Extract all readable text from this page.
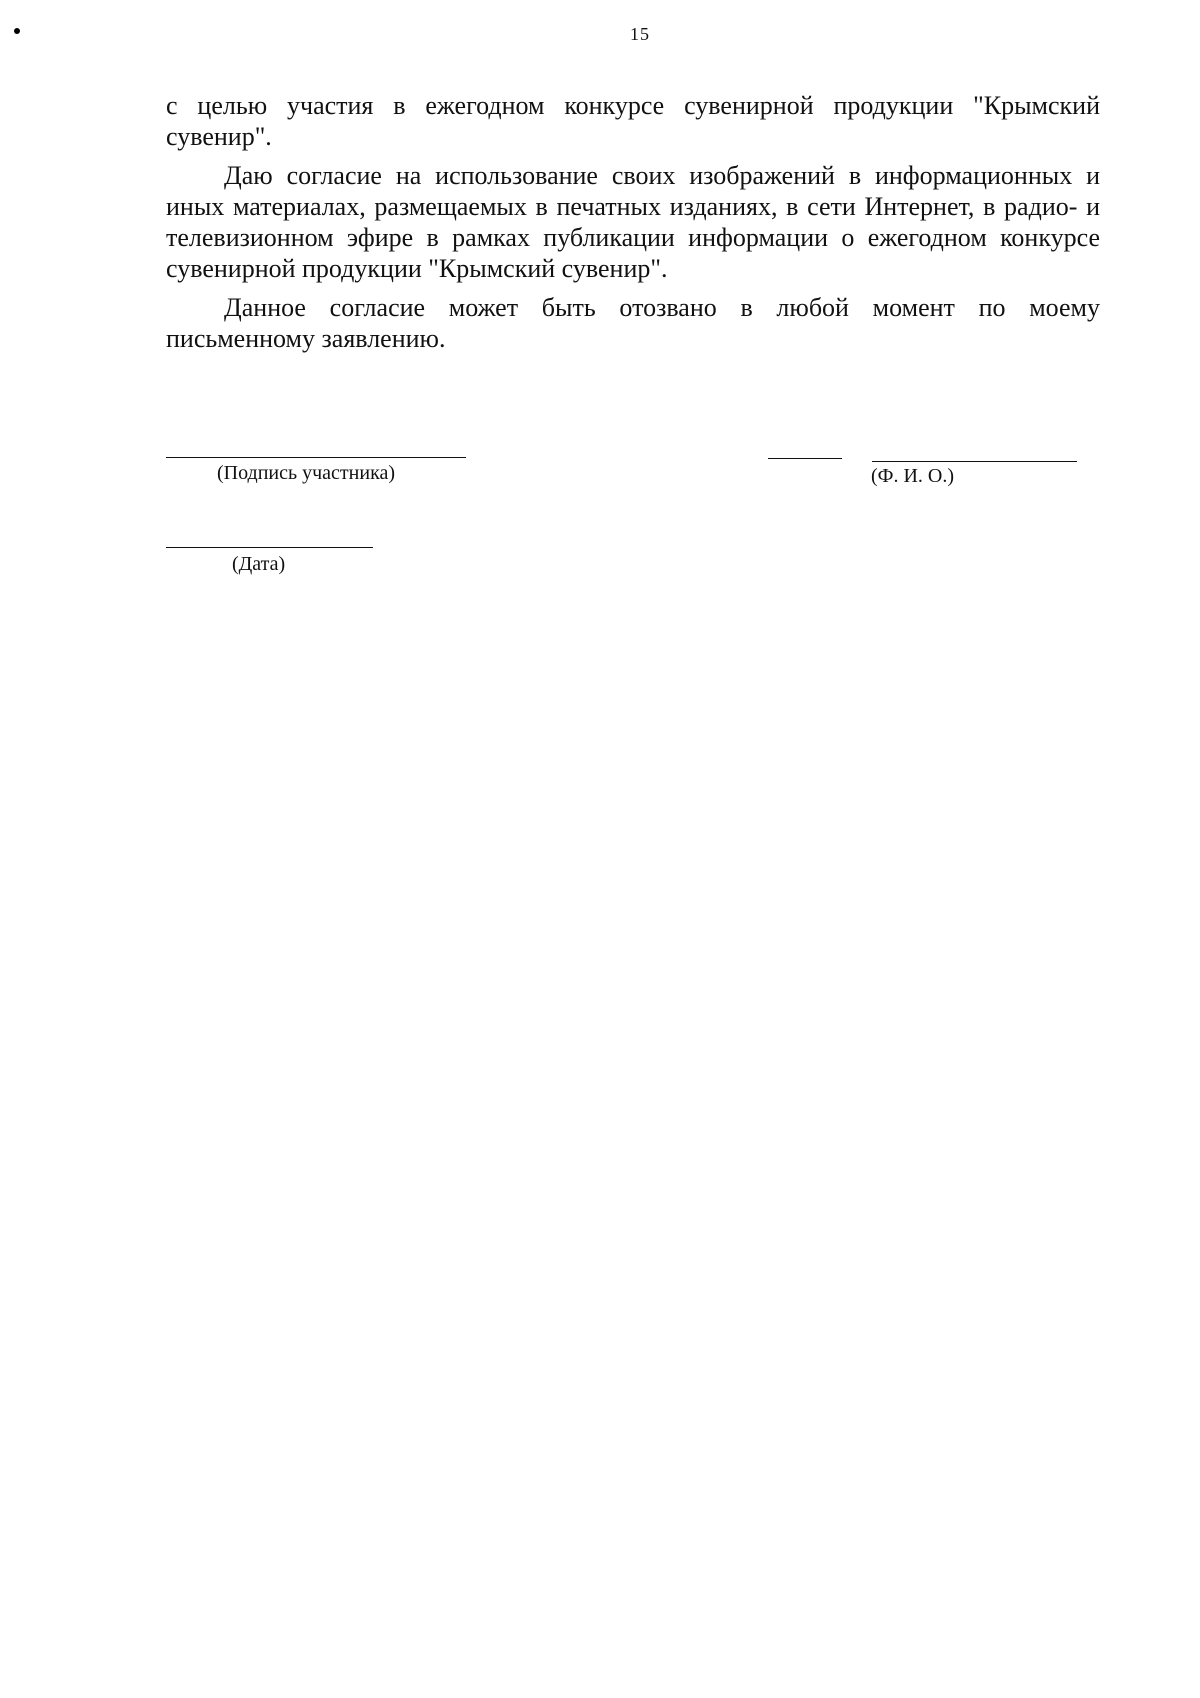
15

с целью участия в ежегодном конкурсе сувенирной продукции "Крымский сувенир".

Даю согласие на использование своих изображений в информационных и иных материалах, размещаемых в печатных изданиях, в сети Интернет, в радио- и телевизионном эфире в рамках публикации информации о ежегодном конкурсе сувенирной продукции "Крымский сувенир".

Данное согласие может быть отозвано в любой момент по моему письменному заявлению.

(Подпись участника)	(Ф. И. О.)
(Дата)
